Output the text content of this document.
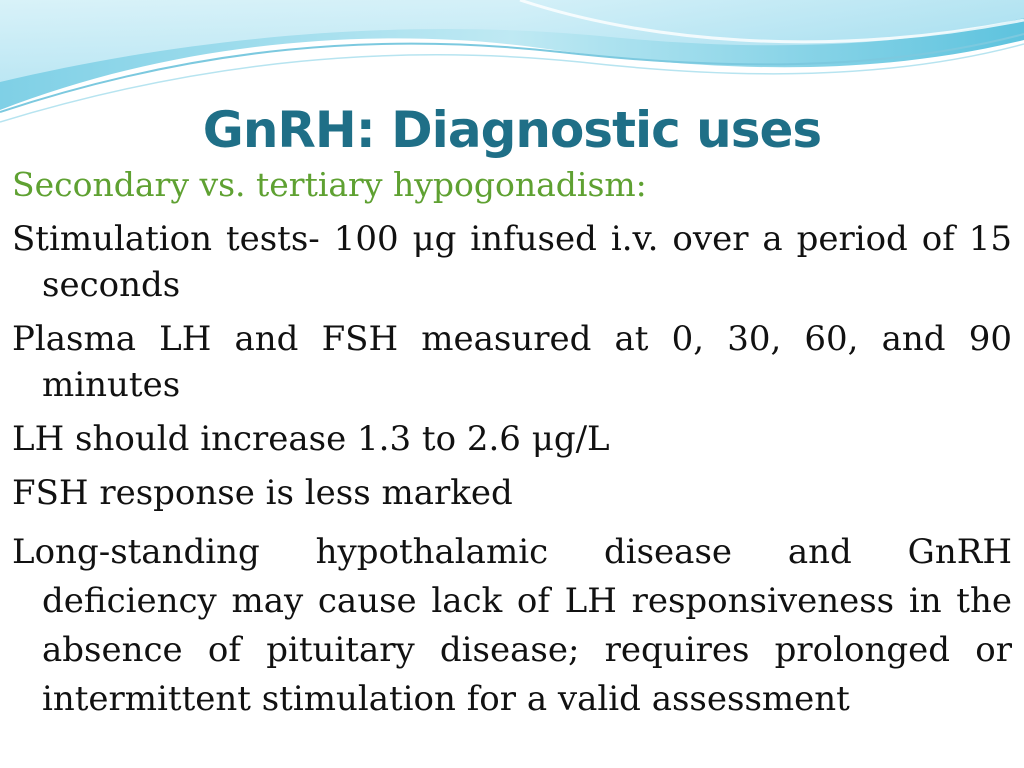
GnRH: Diagnostic uses
Secondary vs. tertiary hypogonadism:
Stimulation tests- 100 μg infused i.v. over a period of 15 seconds
Plasma LH and FSH measured at 0, 30, 60, and 90 minutes
LH should increase 1.3 to 2.6 μg/L
FSH response is less marked
Long-standing hypothalamic disease and GnRH deficiency may cause lack of LH responsiveness in the absence of pituitary disease; requires prolonged or intermittent stimulation for a valid assessment
